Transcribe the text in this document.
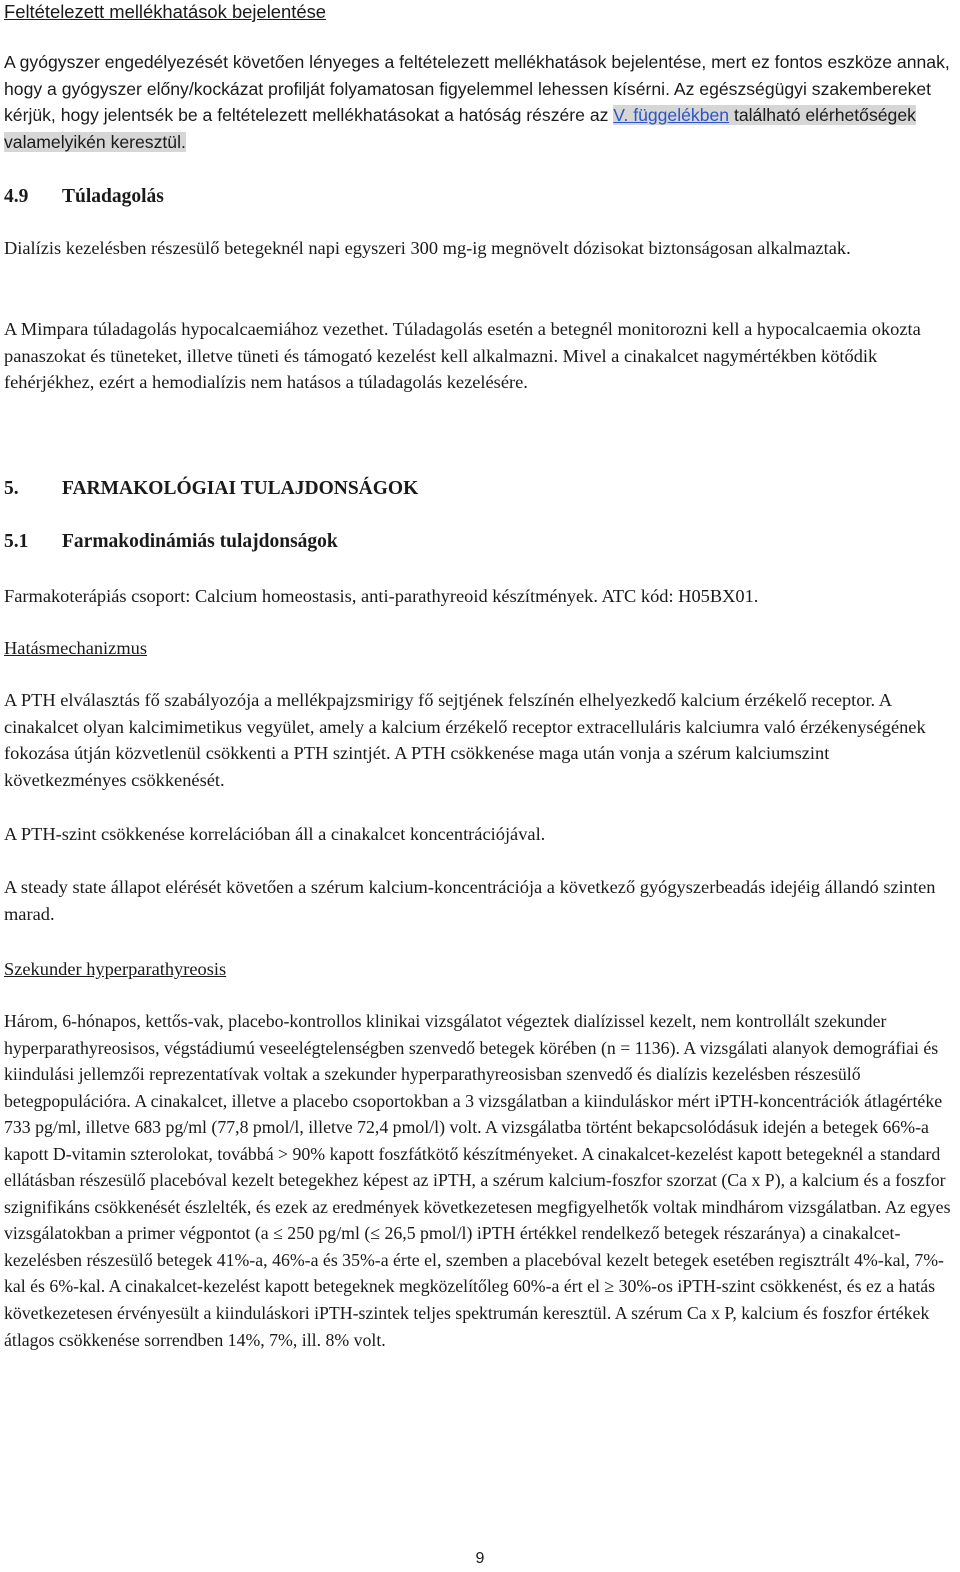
Feltételezett mellékhatások bejelentése

A gyógyszer engedélyezését követően lényeges a feltételezett mellékhatások bejelentése, mert ez fontos eszköze annak, hogy a gyógyszer előny/kockázat profilját folyamatosan figyelemmel lehessen kísérni. Az egészségügyi szakembereket kérjük, hogy jelentsék be a feltételezett mellékhatásokat a hatóság részére az V. függelékben található elérhetőségek valamelyikén keresztül.

4.9 Túladagolás

Dialízis kezelésben részesülő betegeknél napi egyszeri 300 mg-ig megnövelt dózisokat biztonságosan alkalmaztak.

A Mimpara túladagolás hypocalcaemiához vezethet. Túladagolás esetén a betegnél monitorozni kell a hypocalcaemia okozta panaszokat és tüneteket, illetve tüneti és támogató kezelést kell alkalmazni. Mivel a cinakalcet nagymértékben kötődik fehérjékhez, ezért a hemodialízis nem hatásos a túladagolás kezelésére.

5. FARMAKOLÓGIAI TULAJDONSÁGOK

5.1 Farmakodinámiás tulajdonságok

Farmakoterápiás csoport: Calcium homeostasis, anti-parathyreoid készítmények. ATC kód: H05BX01.

Hatásmechanizmus

A PTH elválasztás fő szabályozója a mellékpajzsmirigy fő sejtjének felszínén elhelyezkedő kalcium érzékelő receptor. A cinakalcet olyan kalcimimetikus vegyület, amely a kalcium érzékelő receptor extracelluláris kalciumra való érzékenységének fokozása útján közvetlenül csökkenti a PTH szintjét. A PTH csökkenése maga után vonja a szérum kalciumszint következményes csökkenését.

A PTH-szint csökkenése korrelációban áll a cinakalcet koncentrációjával.

A steady state állapot elérését követően a szérum kalcium-koncentrációja a következő gyógyszerbeadás idejéig állandó szinten marad.

Szekunder hyperparathyreosis

Három, 6-hónapos, kettős-vak, placebo-kontrollos klinikai vizsgálatot végeztek dialízissel kezelt, nem kontrollált szekunder hyperparathyreosisos, végstádiumú veseelégtelenségben szenvedő betegek körében (n = 1136). A vizsgálati alanyok demográfiai és kiindulási jellemzői reprezentatívak voltak a szekunder hyperparathyreosisban szenvedő és dialízis kezelésben részesülő betegpopulációra. A cinakalcet, illetve a placebo csoportokban a 3 vizsgálatban a kiinduláskor mért iPTH-koncentrációk átlagértéke 733 pg/ml, illetve 683 pg/ml (77,8 pmol/l, illetve 72,4 pmol/l) volt. A vizsgálatba történt bekapcsolódásuk idején a betegek 66%-a kapott D-vitamin szterolokat, továbbá > 90% kapott foszfátkötő készítményeket. A cinakalcet-kezelést kapott betegeknél a standard ellátásban részesülő placebóval kezelt betegekhez képest az iPTH, a szérum kalcium-foszfor szorzat (Ca x P), a kalcium és a foszfor szignifikáns csökkenését észlelték, és ezek az eredmények következetesen megfigyelhetők voltak mindhárom vizsgálatban. Az egyes vizsgálatokban a primer végpontot (a ≤ 250 pg/ml (≤ 26,5 pmol/l) iPTH értékkel rendelkező betegek részaránya) a cinakalcet-kezelésben részesülő betegek 41%-a, 46%-a és 35%-a érte el, szemben a placebóval kezelt betegek esetében regisztrált 4%-kal, 7%-kal és 6%-kal. A cinakalcet-kezelést kapott betegeknek megközelítőleg 60%-a ért el ≥ 30%-os iPTH-szint csökkenést, és ez a hatás következetesen érvényesült a kiinduláskori iPTH-szintek teljes spektrumán keresztül. A szérum Ca x P, kalcium és foszfor értékek átlagos csökkenése sorrendben 14%, 7%, ill. 8% volt.

9
